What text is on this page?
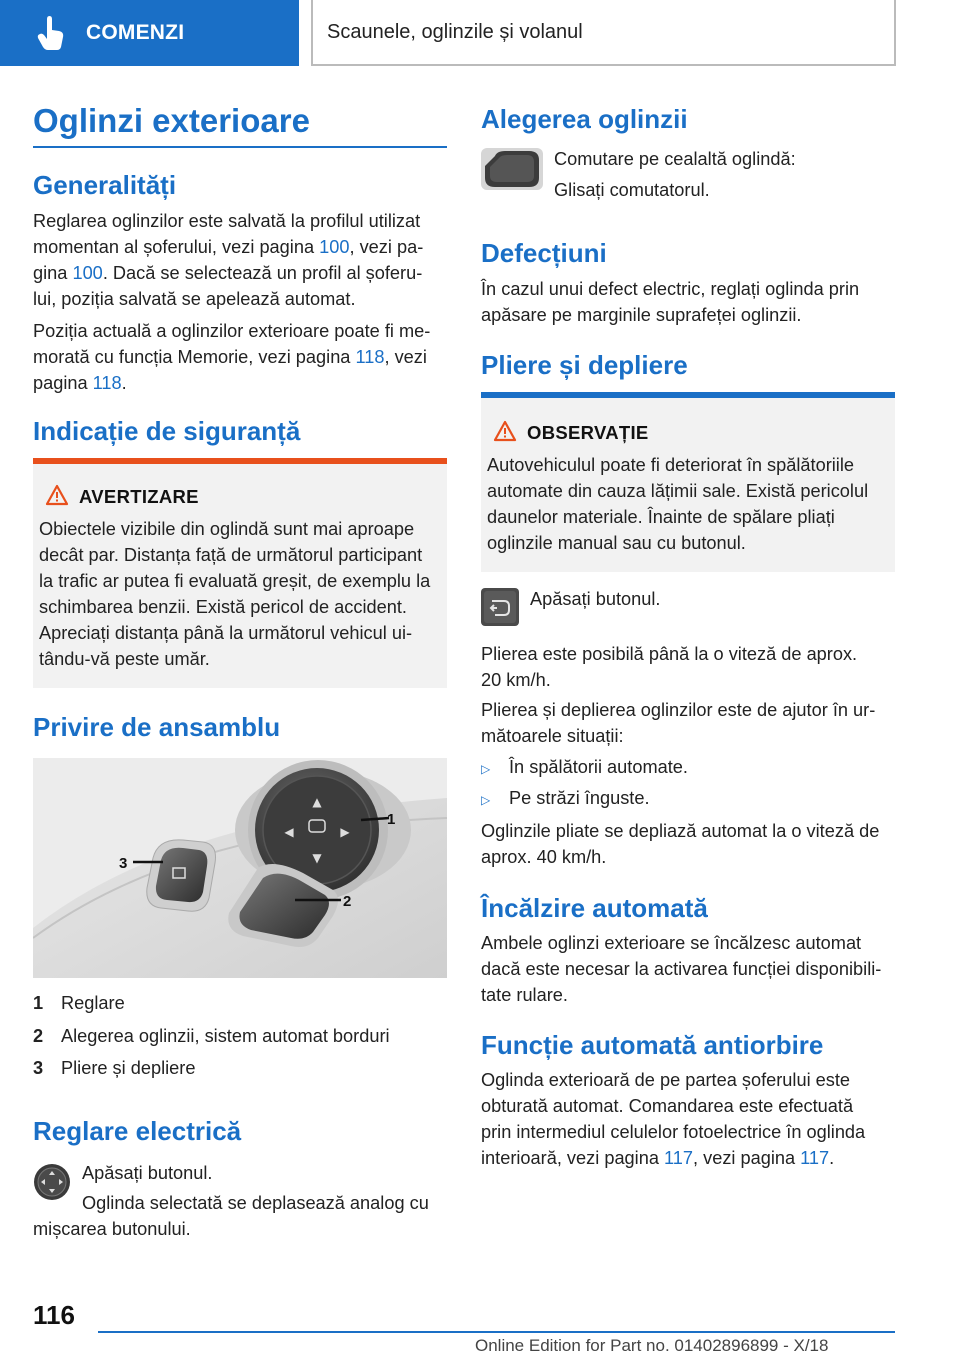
COMENZI	Scaunele, oglinzile și volanul
Oglinzi exterioare
Generalități
Reglarea oglinzilor este salvată la profilul utilizat
momentan al șoferului, vezi pagina 100, vezi pa-
gina 100. Dacă se selectează un profil al șoferu-
lui, poziția salvată se apelează automat.
Poziția actuală a oglinzilor exterioare poate fi me-
morată cu funcția Memorie, vezi pagina 118, vezi
pagina 118.
Indicație de siguranță
AVERTIZARE
Obiectele vizibile din oglindă sunt mai aproape
decât par. Distanța față de următorul participant
la trafic ar putea fi evaluată greșit, de exemplu la
schimbarea benzii. Există pericol de accident.
Apreciați distanța până la următorul vehicul ui-
tându-vă peste umăr.
Privire de ansamblu
▲
▼
◀	▶
1
2
3
1 Reglare
2 Alegerea oglinzii, sistem automat borduri
3 Pliere și depliere
Reglare electrică
Apăsați butonul.
Oglinda selectată se deplasează analog cu
mișcarea butonului.
Alegerea oglinzii
Comutare pe cealaltă oglindă:
Glisați comutatorul.
Defecțiuni
În cazul unui defect electric, reglați oglinda prin
apăsare pe marginile suprafeței oglinzii.
Pliere și depliere
OBSERVAȚIE
Autovehiculul poate fi deteriorat în spălătoriile
automate din cauza lățimii sale. Există pericolul
daunelor materiale. Înainte de spălare pliați
oglinzile manual sau cu butonul.
Apăsați butonul.
Plierea este posibilă până la o viteză de aprox.
20 km/h.
Plierea și deplierea oglinzilor este de ajutor în ur-
mătoarele situații:
▷ În spălătorii automate.
▷ Pe străzi înguste.
Oglinzile pliate se depliază automat la o viteză de
aprox. 40 km/h.
Încălzire automată
Ambele oglinzi exterioare se încălzesc automat
dacă este necesar la activarea funcției disponibili-
tate rulare.
Funcție automată antiorbire
Oglinda exterioară de pe partea șoferului este
obturată automat. Comandarea este efectuată
prin intermediul celulelor fotoelectrice în oglinda
interioară, vezi pagina 117, vezi pagina 117.
116
Online Edition for Part no. 01402896899 - X/18
